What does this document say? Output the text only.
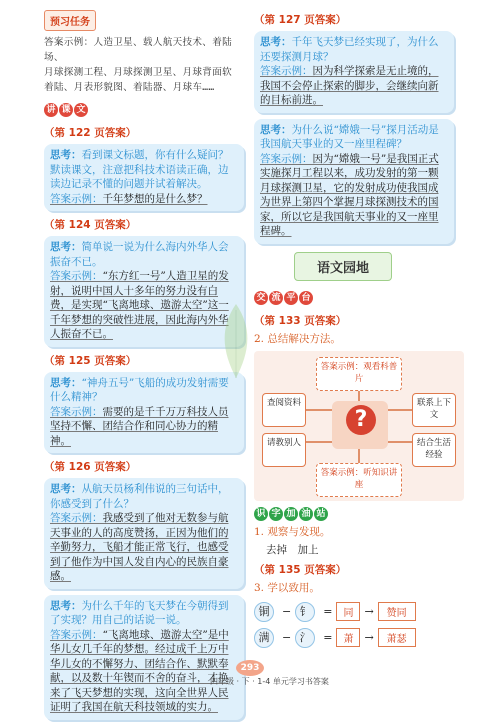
预习任务
答案示例：人造卫星、载人航天技术、着陆场、
月球探测工程、月球探测卫星、月球背面软
着陆、月表形貌图、着陆器、月球车……
讲 课 文
（第 122 页答案）

思考：看到课文标题，你有什么疑问？默读课文，注意把科技术语读正确，边读边记录不懂的问题并试着解决。

答案示例：千年梦想的是什么梦？

（第 124 页答案）

思考：简单说一说为什么海内外华人会振奋不已。

答案示例：“东方红一号”人造卫星的发射，说明中国人十多年的努力没有白费，是实现“飞离地球、遨游太空”这一千年梦想的突破性进展，因此海内外华人振奋不已。

（第 125 页答案）

思考：“神舟五号”飞船的成功发射需要什么精神？

答案示例：需要的是千千万万科技人员坚持不懈、团结合作和同心协力的精神。

（第 126 页答案）

思考：从航天员杨利伟说的三句话中，你感受到了什么？

答案示例：我感受到了他对无数参与航天事业的人的高度赞扬，正因为他们的辛勤努力，飞船才能正常飞行，也感受到了他作为中国人发自内心的民族自豪感。

思考：为什么千年的飞天梦在今朝得到了实现？用自己的话说一说。

答案示例：“飞离地球、遨游太空”是中华儿女几千年的梦想。经过成千上万中华儿女的不懈努力、团结合作、默默奉献，以及数十年锲而不舍的奋斗，才换来了飞天梦想的实现，这向全世界人民证明了我国在航天科技领域的实力。

（第 127 页答案）

思考：千年飞天梦已经实现了，为什么还要探测月球？

答案示例：因为科学探索是无止境的，我国不会停止探索的脚步，会继续向新的目标前进。

思考：为什么说“嫦娥一号”探月活动是我国航天事业的又一座里程碑？

答案示例：因为“嫦娥一号”是我国正式实施探月工程以来，成功发射的第一颗月球探测卫星，它的发射成功使我国成为世界上第四个掌握月球探测技术的国家，所以它是我国航天事业的又一座里程碑。

语文园地
交 流 平 台
（第 133 页答案）
2. 总结解决方法。
答案示例：观看科普片
查阅资料
请教别人
联系上下文
结合生活经验
?
答案示例：听知识讲座
识 字 加 油 站
1. 观察与发现。
去掉　加上
（第 135 页答案）
3. 学以致用。
铜	− 钅	=	同	→	赞同
满	− 氵	=	萧	→	萧瑟
293
四年级 · 下 · 1-4 单元学习书答案
